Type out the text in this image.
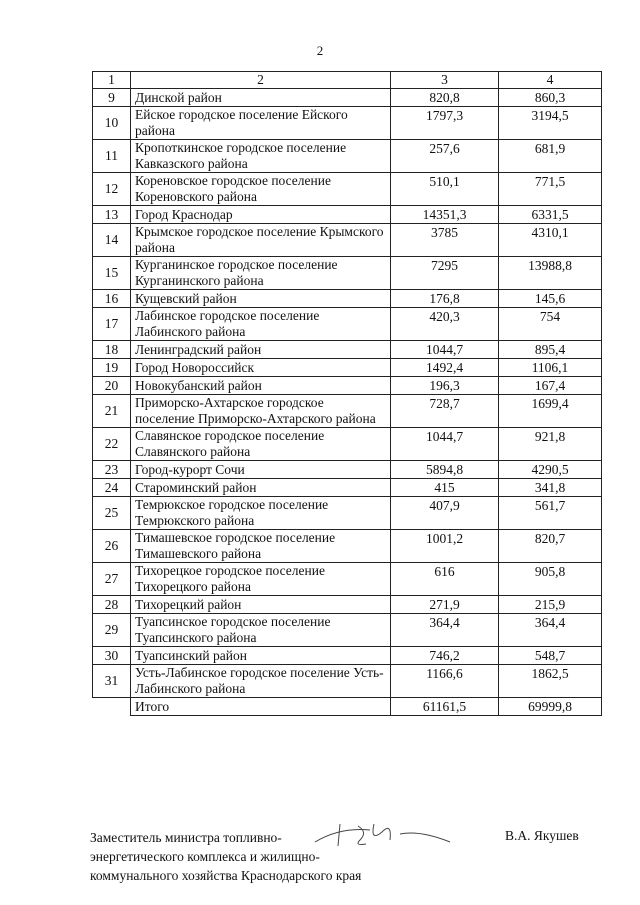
2
1	2	3	4
9	Динской район	820,8	860,3
10	Ейское городское поселение Ейского района	1797,3	3194,5
11	Кропоткинское городское поселение Кавказского района	257,6	681,9
12	Кореновское городское поселение Кореновского района	510,1	771,5
13	Город Краснодар	14351,3	6331,5
14	Крымское городское поселение Крымского района	3785	4310,1
15	Курганинское городское поселение Курганинского района	7295	13988,8
16	Кущевский район	176,8	145,6
17	Лабинское городское поселение Лабинского района	420,3	754
18	Ленинградский район	1044,7	895,4
19	Город Новороссийск	1492,4	1106,1
20	Новокубанский район	196,3	167,4
21	Приморско-Ахтарское городское поселение Приморско-Ахтарского района	728,7	1699,4
22	Славянское городское поселение Славянского района	1044,7	921,8
23	Город-курорт Сочи	5894,8	4290,5
24	Староминский район	415	341,8
25	Темрюкское городское поселение Темрюкского района	407,9	561,7
26	Тимашевское городское поселение Тимашевского района	1001,2	820,7
27	Тихорецкое городское поселение Тихорецкого района	616	905,8
28	Тихорецкий район	271,9	215,9
29	Туапсинское городское поселение Туапсинского района	364,4	364,4
30	Туапсинский район	746,2	548,7
31	Усть-Лабинское городское поселение Усть-Лабинского района	1166,6	1862,5
	Итого	61161,5	69999,8
Заместитель министра топливно-
энергетического комплекса и жилищно-
коммунального хозяйства Краснодарского края
В.А. Якушев
